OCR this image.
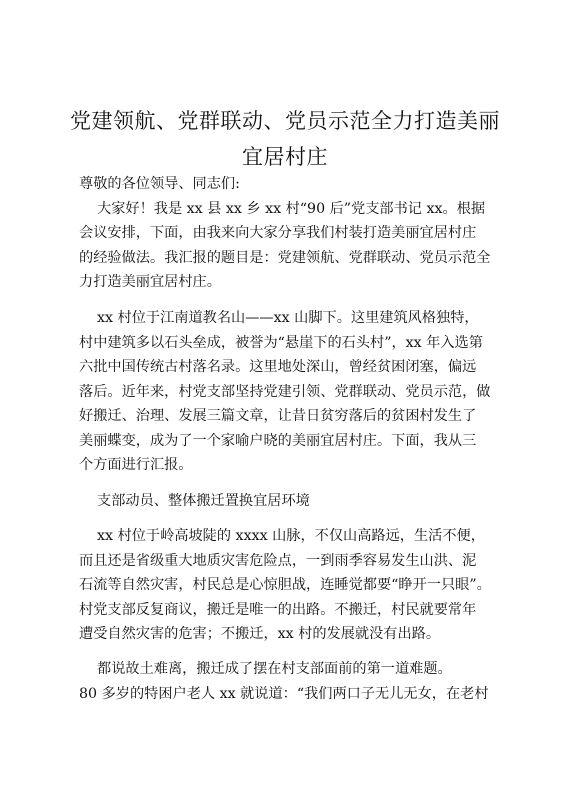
党建领航、党群联动、党员示范全力打造美丽
宜居村庄
尊敬的各位领导、同志们:
大家好！我是 xx 县 xx 乡 xx 村“90 后”党支部书记 xx。根据
会议安排，下面，由我来向大家分享我们村装打造美丽宜居村庄
的经验做法。我汇报的题目是：党建领航、党群联动、党员示范全
力打造美丽宜居村庄。
xx 村位于江南道教名山——xx 山脚下。这里建筑风格独特，
村中建筑多以石头垒成，被誉为“悬崖下的石头村”，xx 年入选第
六批中国传统古村落名录。这里地处深山，曾经贫困闭塞，偏远
落后。近年来，村党支部坚持党建引领、党群联动、党员示范，做
好搬迁、治理、发展三篇文章，让昔日贫穷落后的贫困村发生了
美丽蝶变，成为了一个家喻户晓的美丽宜居村庄。下面，我从三
个方面进行汇报。
支部动员、整体搬迁置换宜居环境
xx 村位于岭高坡陡的 xxxx 山脉，不仅山高路远，生活不便，
而且还是省级重大地质灾害危险点，一到雨季容易发生山洪、泥
石流等自然灾害，村民总是心惊胆战，连睡觉都要“睁开一只眼”。
村党支部反复商议，搬迁是唯一的出路。不搬迁，村民就要常年
遭受自然灾害的危害；不搬迁，xx 村的发展就没有出路。
都说故土难离，搬迁成了摆在村支部面前的第一道难题。
80 多岁的特困户老人 xx 就说道：“我们两口子无儿无女，在老村
